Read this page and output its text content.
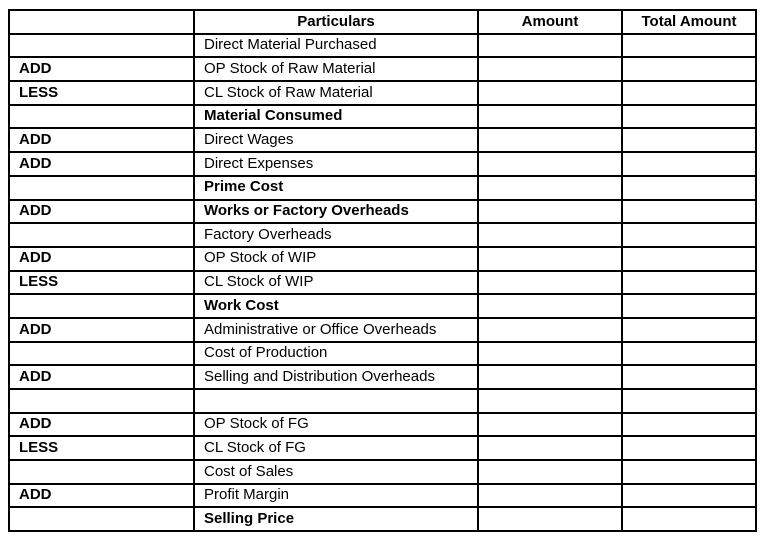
	Particulars	Amount	Total Amount
	Direct Material Purchased		
ADD	OP Stock of Raw Material		
LESS	CL Stock of Raw Material		
	Material Consumed		
ADD	Direct Wages		
ADD	Direct Expenses		
	Prime Cost		
ADD	Works or Factory Overheads		
	Factory Overheads		
ADD	OP Stock of WIP		
LESS	CL Stock of WIP		
	Work Cost		
ADD	Administrative or Office Overheads		
	Cost of Production		
ADD	Selling and Distribution Overheads		

ADD	OP Stock of FG		
LESS	CL Stock of FG		
	Cost of Sales		
ADD	Profit Margin		
	Selling Price		
